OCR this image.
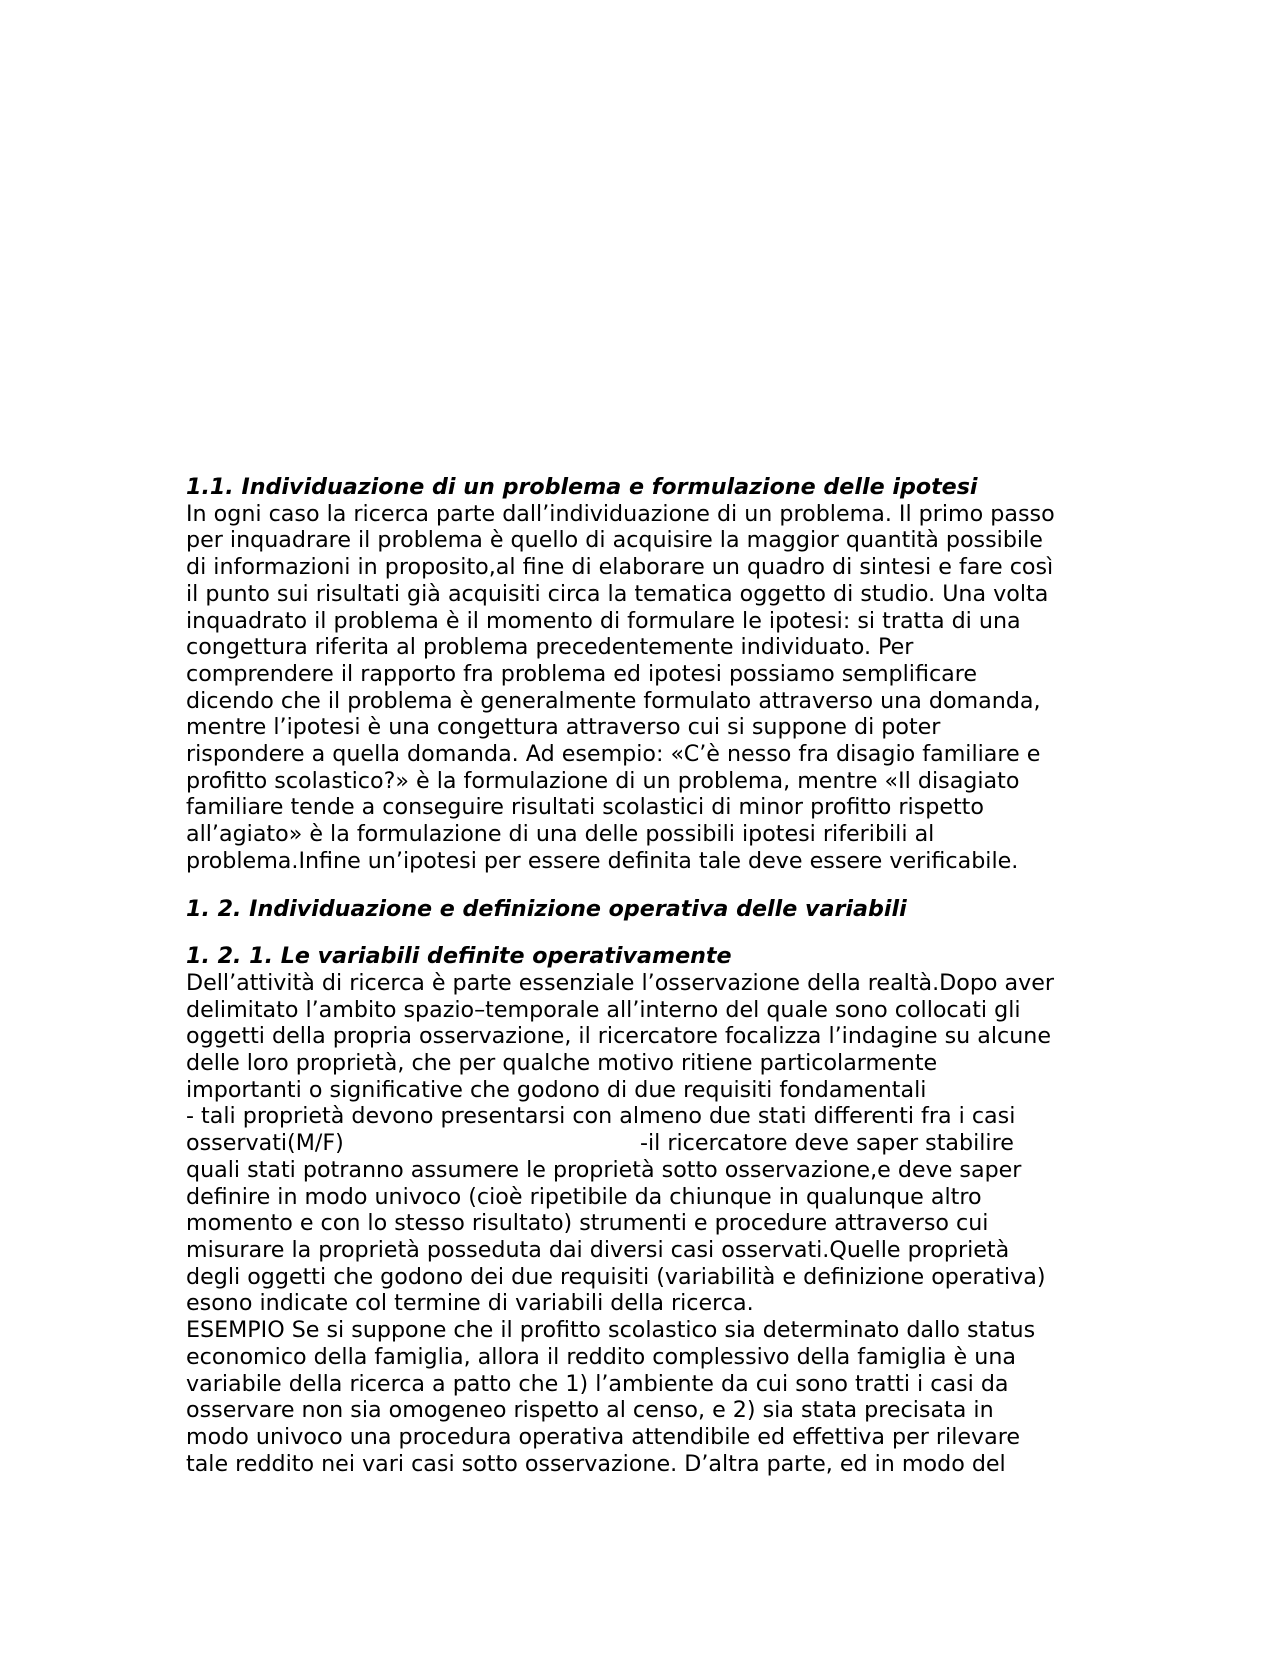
1.1. Individuazione di un problema e formulazione delle ipotesi
In ogni caso la ricerca parte dall’individuazione di un problema. Il primo passo
per inquadrare il problema è quello di acquisire la maggior quantità possibile
di informazioni in proposito,al fine di elaborare un quadro di sintesi e fare così
il punto sui risultati già acquisiti circa la tematica oggetto di studio. Una volta
inquadrato il problema è il momento di formulare le ipotesi: si tratta di una
congettura riferita al problema precedentemente individuato. Per
comprendere il rapporto fra problema ed ipotesi possiamo semplificare
dicendo che il problema è generalmente formulato attraverso una domanda,
mentre l’ipotesi è una congettura attraverso cui si suppone di poter
rispondere a quella domanda. Ad esempio: «C’è nesso fra disagio familiare e
profitto scolastico?» è la formulazione di un problema, mentre «Il disagiato
familiare tende a conseguire risultati scolastici di minor profitto rispetto
all’agiato» è la formulazione di una delle possibili ipotesi riferibili al
problema.Infine un’ipotesi per essere definita tale deve essere verificabile.
1. 2. Individuazione e definizione operativa delle variabili
1. 2. 1. Le variabili definite operativamente
Dell’attività di ricerca è parte essenziale l’osservazione della realtà.Dopo aver
delimitato l’ambito spazio–temporale all’interno del quale sono collocati gli
oggetti della propria osservazione, il ricercatore focalizza l’indagine su alcune
delle loro proprietà, che per qualche motivo ritiene particolarmente
importanti o significative che godono di due requisiti fondamentali
- tali proprietà devono presentarsi con almeno due stati differenti fra i casi
osservati(M/F)                                          -il ricercatore deve saper stabilire
quali stati potranno assumere le proprietà sotto osservazione,e deve saper
definire in modo univoco (cioè ripetibile da chiunque in qualunque altro
momento e con lo stesso risultato) strumenti e procedure attraverso cui
misurare la proprietà posseduta dai diversi casi osservati.Quelle proprietà
degli oggetti che godono dei due requisiti (variabilità e definizione operativa)
esono indicate col termine di variabili della ricerca.
ESEMPIO Se si suppone che il profitto scolastico sia determinato dallo status
economico della famiglia, allora il reddito complessivo della famiglia è una
variabile della ricerca a patto che 1) l’ambiente da cui sono tratti i casi da
osservare non sia omogeneo rispetto al censo, e 2) sia stata precisata in
modo univoco una procedura operativa attendibile ed effettiva per rilevare
tale reddito nei vari casi sotto osservazione. D’altra parte, ed in modo del
